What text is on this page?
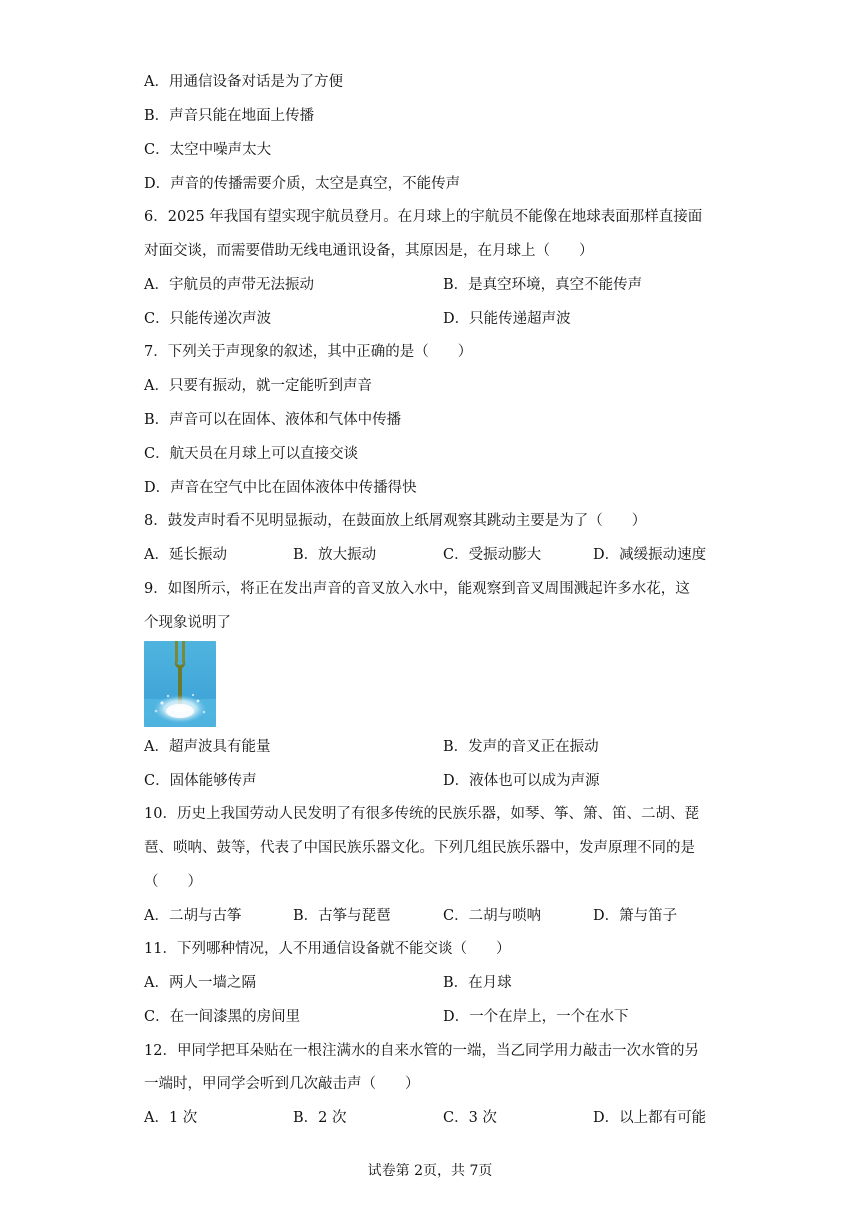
A．用通信设备对话是为了方便
B．声音只能在地面上传播
C．太空中噪声太大
D．声音的传播需要介质，太空是真空，不能传声
6．2025 年我国有望实现宇航员登月。在月球上的宇航员不能像在地球表面那样直接面
对面交谈，而需要借助无线电通讯设备，其原因是，在月球上（　　）
A．宇航员的声带无法振动	B．是真空环境，真空不能传声
C．只能传递次声波	D．只能传递超声波
7．下列关于声现象的叙述，其中正确的是（　　）
A．只要有振动，就一定能听到声音
B．声音可以在固体、液体和气体中传播
C．航天员在月球上可以直接交谈
D．声音在空气中比在固体液体中传播得快
8．鼓发声时看不见明显振动，在鼓面放上纸屑观察其跳动主要是为了（　　）
A．延长振动	B．放大振动	C．受振动膨大	D．减缓振动速度
9．如图所示，将正在发出声音的音叉放入水中，能观察到音叉周围溅起许多水花，这
个现象说明了
A．超声波具有能量	B．发声的音叉正在振动
C．固体能够传声	D．液体也可以成为声源
10．历史上我国劳动人民发明了有很多传统的民族乐器，如琴、筝、箫、笛、二胡、琵
琶、唢呐、鼓等，代表了中国民族乐器文化。下列几组民族乐器中，发声原理不同的是
（　　）
A．二胡与古筝	B．古筝与琵琶	C．二胡与唢呐	D．箫与笛子
11．下列哪种情况，人不用通信设备就不能交谈（　　）
A．两人一墙之隔	B．在月球
C．在一间漆黑的房间里	D．一个在岸上，一个在水下
12．甲同学把耳朵贴在一根注满水的自来水管的一端，当乙同学用力敲击一次水管的另
一端时，甲同学会听到几次敲击声（　　）
A．1 次	B．2 次	C．3 次	D．以上都有可能
试卷第 2页，共 7页
